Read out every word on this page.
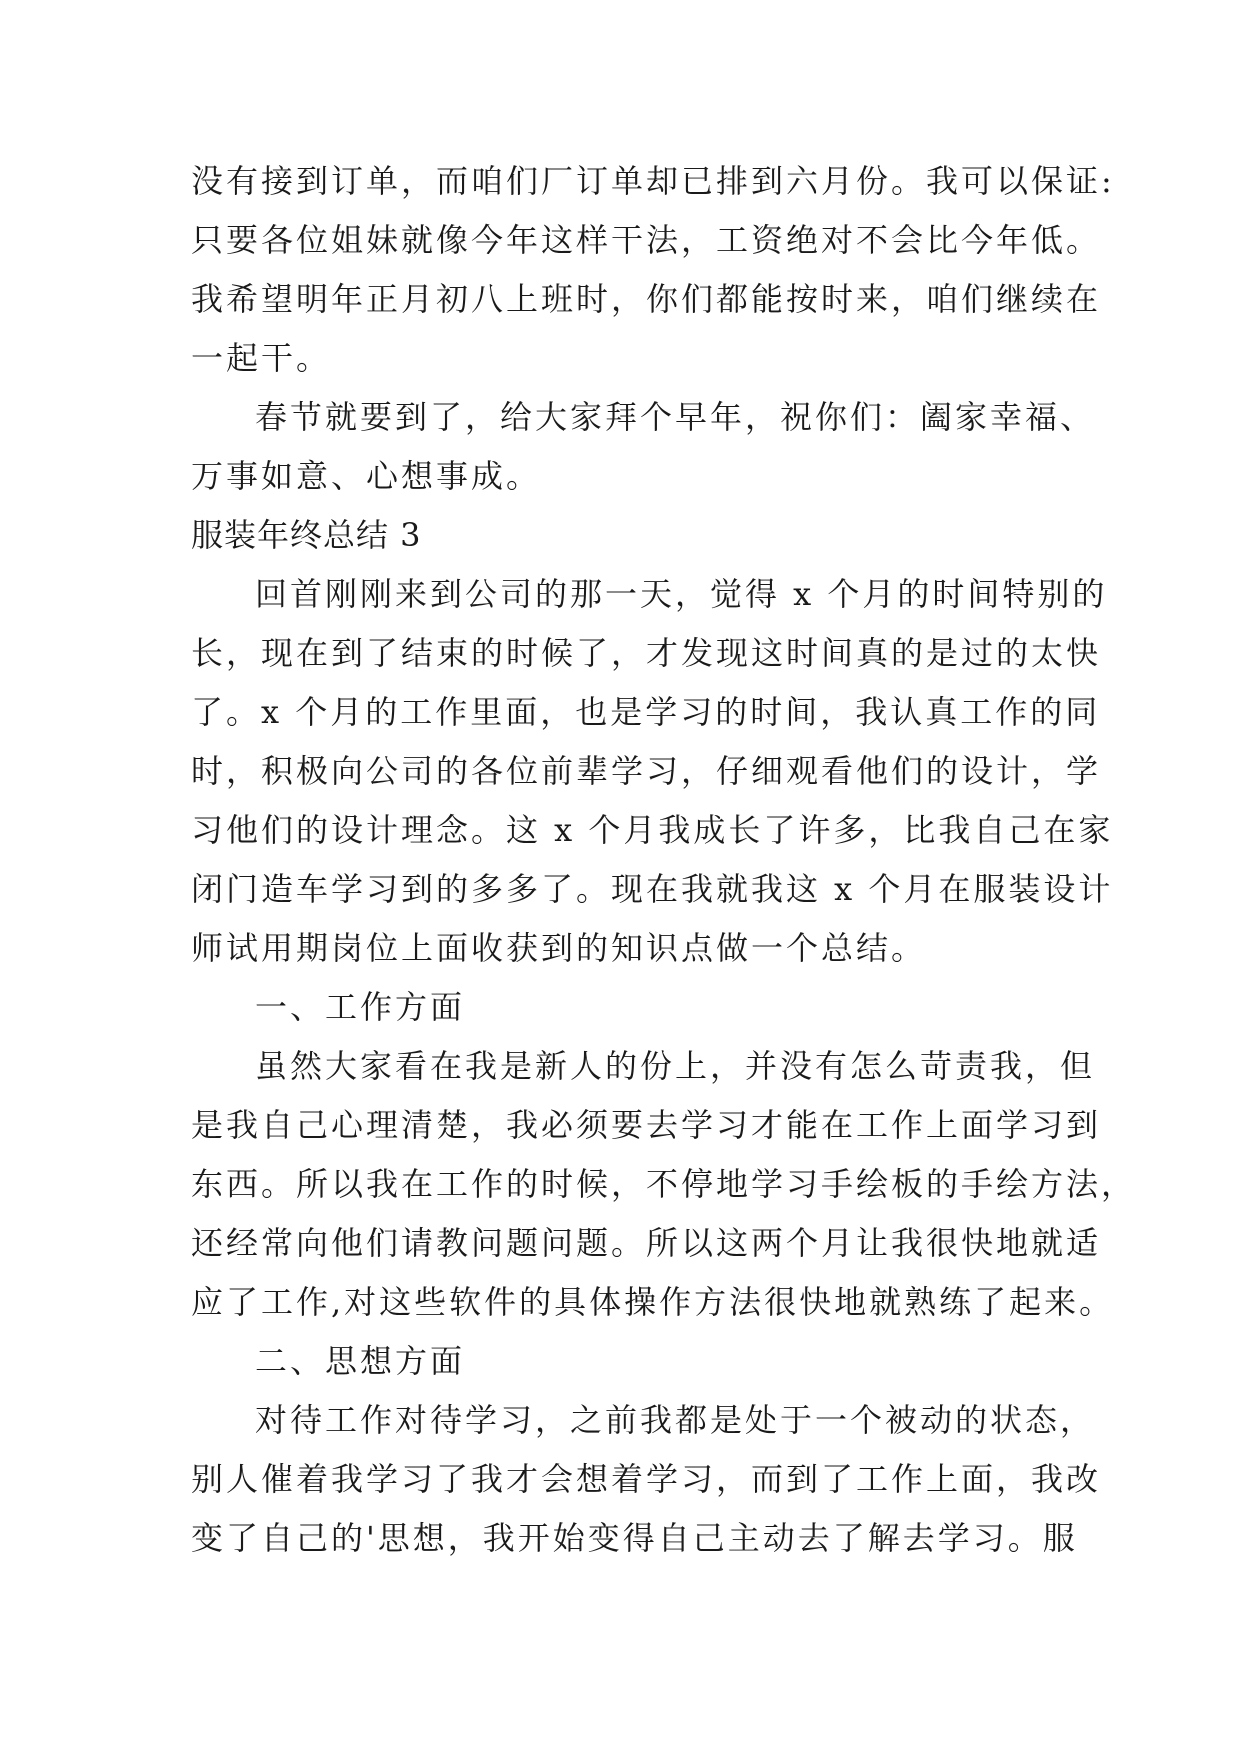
没有接到订单，而咱们厂订单却已排到六月份。我可以保证:
只要各位姐妹就像今年这样干法，工资绝对不会比今年低。
我希望明年正月初八上班时，你们都能按时来，咱们继续在
一起干。
春节就要到了，给大家拜个早年，祝你们：阖家幸福、
万事如意、心想事成。
服装年终总结 3
回首刚刚来到公司的那一天，觉得 x 个月的时间特别的
长，现在到了结束的时候了，才发现这时间真的是过的太快
了。x 个月的工作里面，也是学习的时间，我认真工作的同
时，积极向公司的各位前辈学习，仔细观看他们的设计，学
习他们的设计理念。这 x 个月我成长了许多，比我自己在家
闭门造车学习到的多多了。现在我就我这 x 个月在服装设计
师试用期岗位上面收获到的知识点做一个总结。
一、工作方面
虽然大家看在我是新人的份上，并没有怎么苛责我，但
是我自己心理清楚，我必须要去学习才能在工作上面学习到
东西。所以我在工作的时候，不停地学习手绘板的手绘方法，
还经常向他们请教问题问题。所以这两个月让我很快地就适
应了工作,对这些软件的具体操作方法很快地就熟练了起来。
二、思想方面
对待工作对待学习，之前我都是处于一个被动的状态，
别人催着我学习了我才会想着学习，而到了工作上面，我改
变了自己的'思想，我开始变得自己主动去了解去学习。服
